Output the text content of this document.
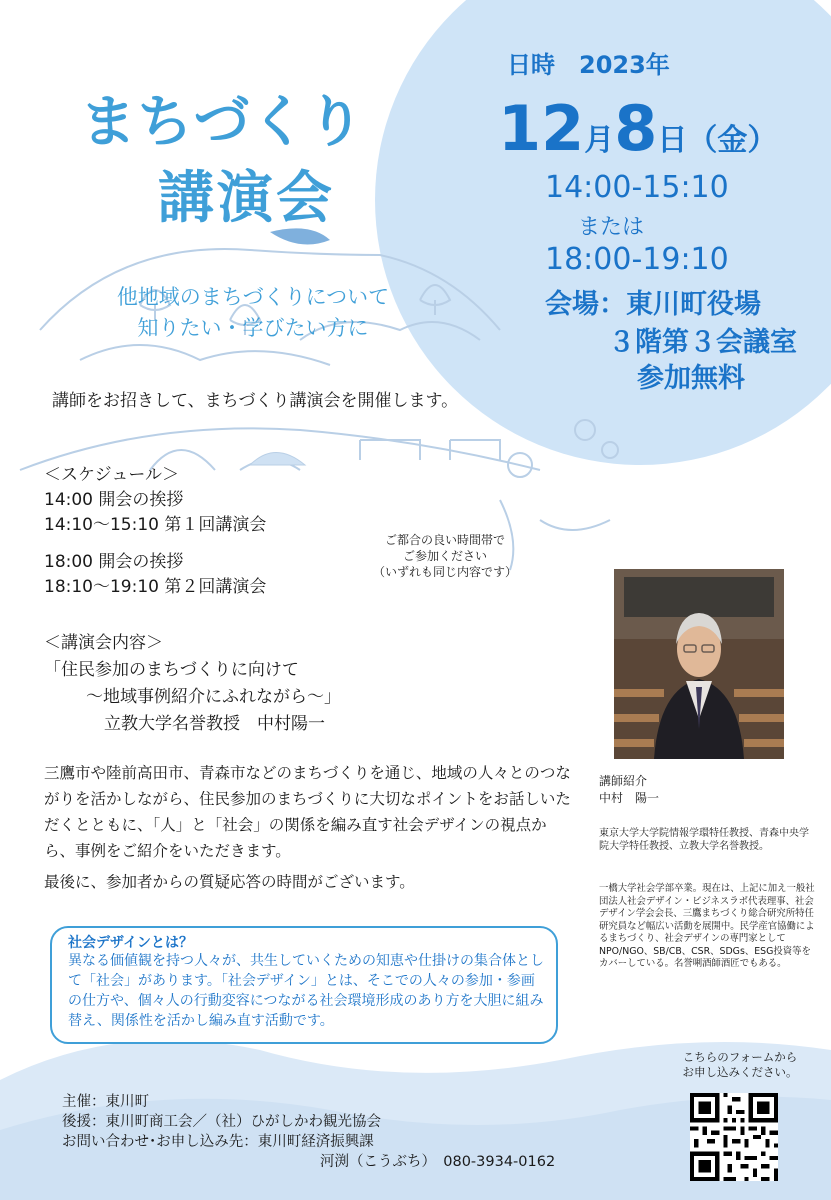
まちづくり
講演会
他地域のまちづくりについて
知りたい・学びたい方に
日時　2023年
12月8日（金）
14:00-15:10
または
18:00-19:10
会場：東川町役場
３階第３会議室
参加無料
講師をお招きして、まちづくり講演会を開催します。
＜スケジュール＞
14:00 開会の挨拶
14:10～15:10 第１回講演会
18:00 開会の挨拶
18:10～19:10 第２回講演会
ご都合の良い時間帯で
ご参加ください
（いずれも同じ内容です）
＜講演会内容＞
「住民参加のまちづくりに向けて
～地域事例紹介にふれながら～」
立教大学名誉教授　中村陽一
三鷹市や陸前高田市、青森市などのまちづくりを通じ、地域の人々とのつながりを活かしながら、住民参加のまちづくりに大切なポイントをお話しいただくとともに、「人」と「社会」の関係を編み直す社会デザインの視点から、事例をご紹介をいただきます。
最後に、参加者からの質疑応答の時間がございます。
社会デザインとは？
異なる価値観を持つ人々が、共生していくための知恵や仕掛けの集合体として「社会」があります。「社会デザイン」とは、そこでの人々の参加・参画の仕方や、個々人の行動変容につながる社会環境形成のあり方を大胆に組み替え、関係性を活かし編み直す活動です。
講師紹介
中村　陽一
東京大学大学院情報学環特任教授、青森中央学院大学特任教授、立教大学名誉教授。
一橋大学社会学部卒業。現在は、上記に加え一般社団法人社会デザイン・ビジネスラボ代表理事、社会デザイン学会会長、三鷹まちづくり総合研究所特任研究員など幅広い活動を展開中。民学産官協働によるまちづくり、社会デザインの専門家としてNPO/NGO、SB/CB、CSR、SDGs、ESG投資等をカバーしている。名誉唎酒師酒匠でもある。
こちらのフォームから
お申し込みください。
主催：東川町
後援：東川町商工会／（社）ひがしかわ観光協会
お問い合わせ･お申し込み先：東川町経済振興課
河渕（こうぶち）　080-3934-0162
